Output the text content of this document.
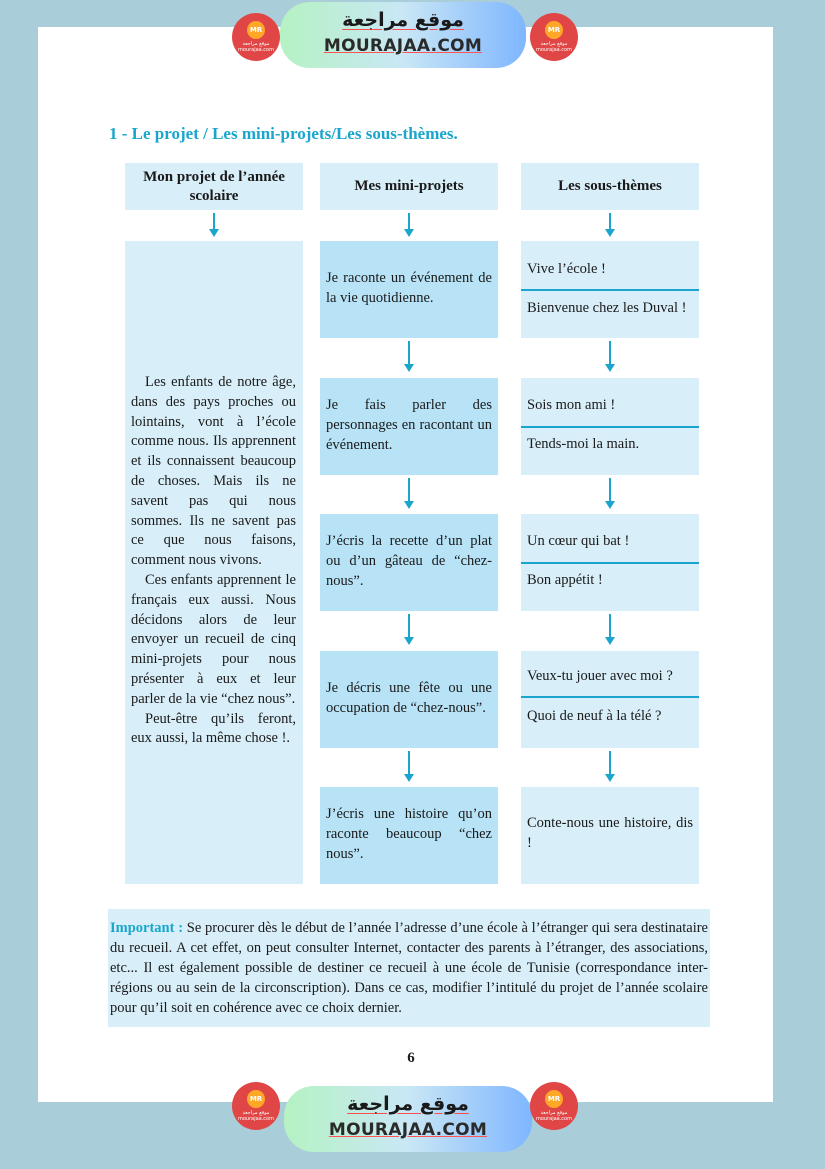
MR
موقع مراجعة
mourajaa.com
موقع مراجعة
MOURAJAA.COM
MR
موقع مراجعة
mourajaa.com
1 - Le projet / Les mini-projets/Les sous-thèmes.
Mon projet de l’année scolaire
Mes mini-projets	Les sous-thèmes

Les enfants de notre âge, dans des pays proches ou lointains, vont à l’école comme nous. Ils apprennent et ils connaissent beaucoup de choses. Mais ils ne savent pas qui nous sommes. Ils ne savent pas ce que nous faisons, comment nous vivons.

Ces enfants apprennent le français eux aussi. Nous décidons alors de leur envoyer un recueil de cinq mini-projets pour nous présenter à eux et leur parler de la vie “chez nous”.

Peut-être qu’ils feront, eux aussi, la même chose !.

Je raconte un événement de la vie quotidienne.
Je fais parler des personnages en racontant un événement.
J’écris la recette d’un plat ou d’un gâteau de “chez-nous”.
Je décris une fête ou une occupation de “chez-nous”.
J’écris une histoire qu’on raconte beaucoup “chez nous”.
Vive l’école !
Bienvenue chez les Duval !
Sois mon ami !
Tends-moi la main.
Un cœur qui bat !
Bon appétit !
Veux-tu jouer avec moi ?
Quoi de neuf à la télé ?
Conte-nous une histoire, dis !
Important : Se procurer dès le début de l’année l’adresse d’une école à l’étranger qui sera destinataire du recueil. A cet effet, on peut consulter Internet, contacter des parents à l’étranger, des associations, etc... Il est également possible de destiner ce recueil à une école de Tunisie (correspondance inter-régions ou au sein de la circonscription). Dans ce cas, modifier l’intitulé du projet de l’année scolaire pour qu’il soit en cohérence avec ce choix dernier.
6
MR
موقع مراجعة
mourajaa.com
موقع مراجعة
MOURAJAA.COM
MR
موقع مراجعة
mourajaa.com
